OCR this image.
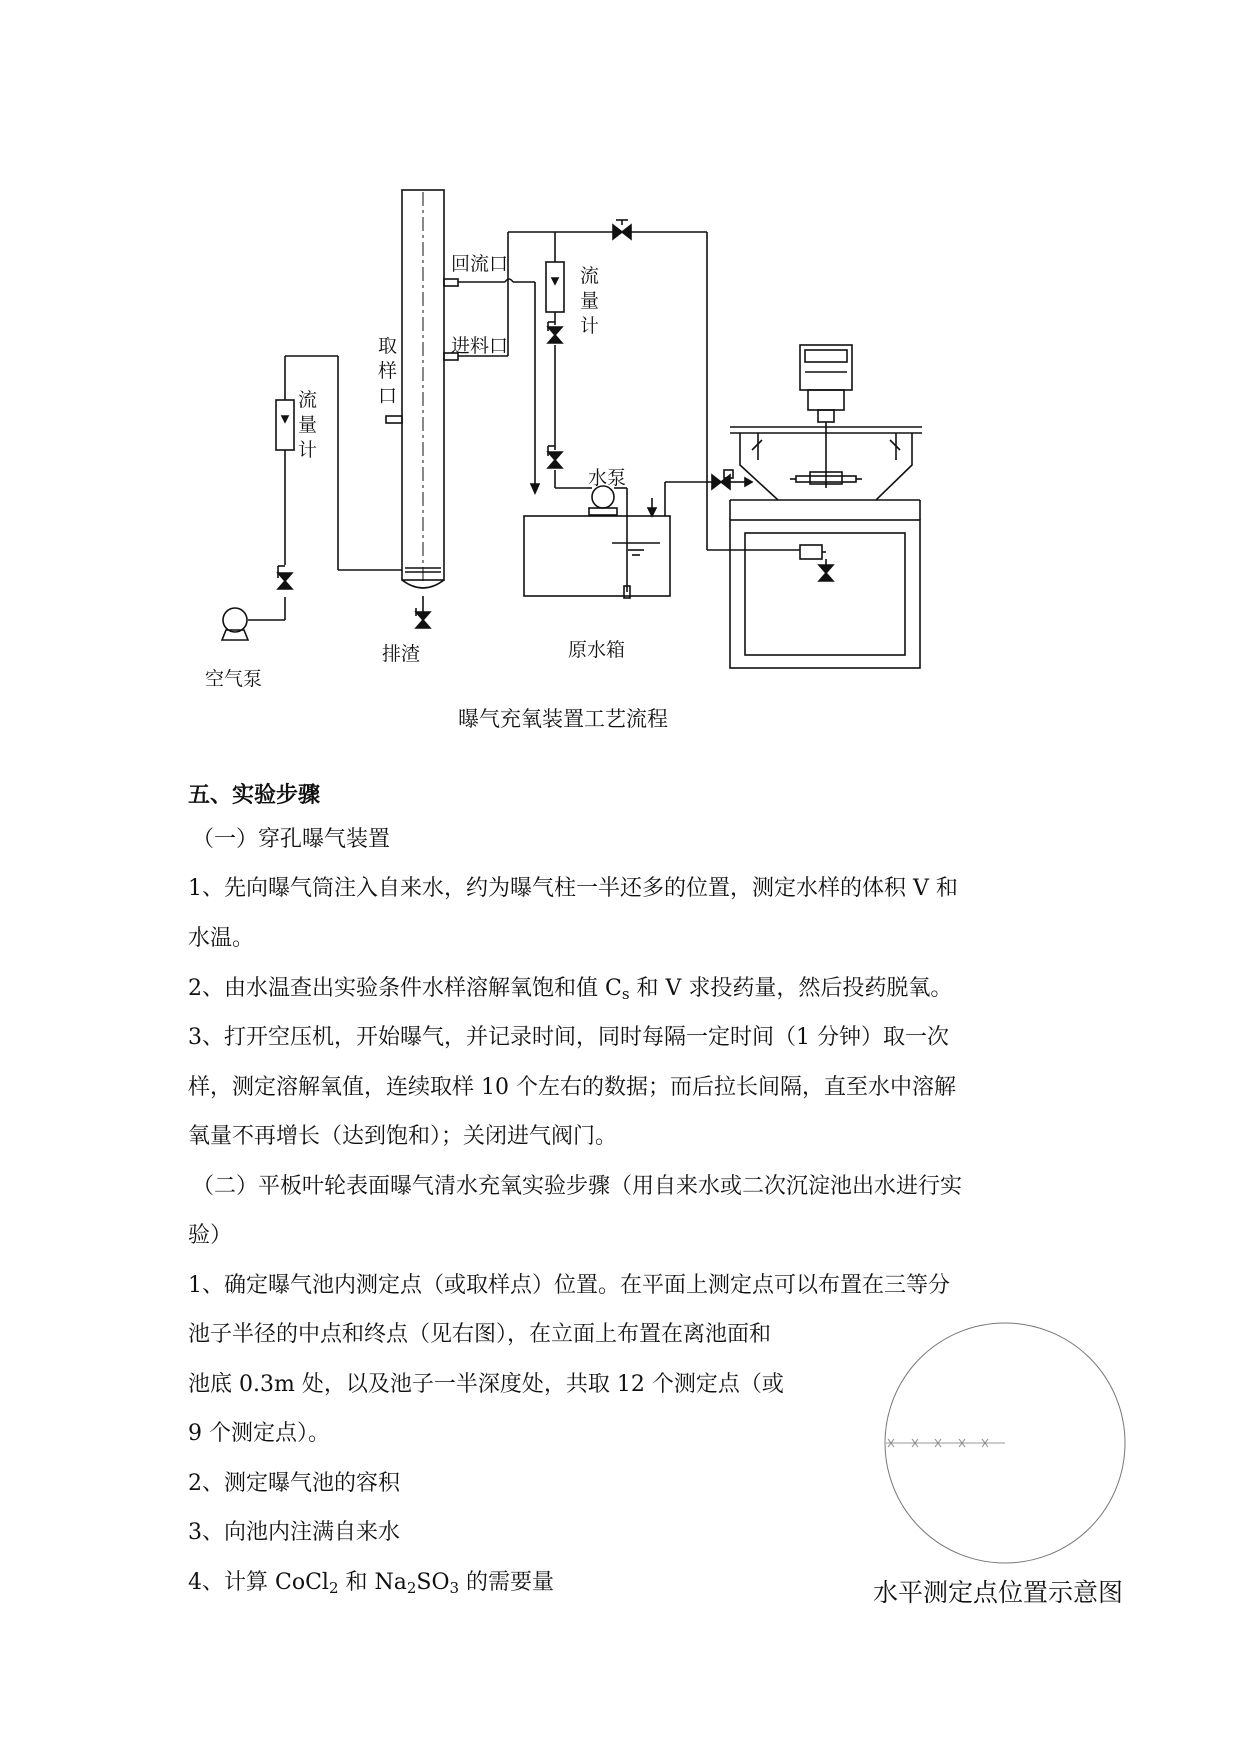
回流口
进料口
取样口
流量计
流量计
水泵
空气泵
排渣	原水箱
曝气充氧装置工艺流程
五、实验步骤
（一）穿孔曝气装置
1、先向曝气筒注入自来水，约为曝气柱一半还多的位置，测定水样的体积 V 和
水温。
2、由水温查出实验条件水样溶解氧饱和值 $C_s$ 和 V 求投药量，然后投药脱氧。
3、打开空压机，开始曝气，并记录时间，同时每隔一定时间（1 分钟）取一次
样，测定溶解氧值，连续取样 10 个左右的数据；而后拉长间隔，直至水中溶解
氧量不再增长（达到饱和）；关闭进气阀门。
（二）平板叶轮表面曝气清水充氧实验步骤（用自来水或二次沉淀池出水进行实
验）
1、确定曝气池内测定点（或取样点）位置。在平面上测定点可以布置在三等分
池子半径的中点和终点（见右图），在立面上布置在离池面和
池底 0.3m 处，以及池子一半深度处，共取 12 个测定点（或
9 个测定点）。
2、测定曝气池的容积
3、向池内注满自来水
4、计算 CoCl$_2$ 和 $Na_2SO_3$ 的需要量	水平测定点位置示意图
